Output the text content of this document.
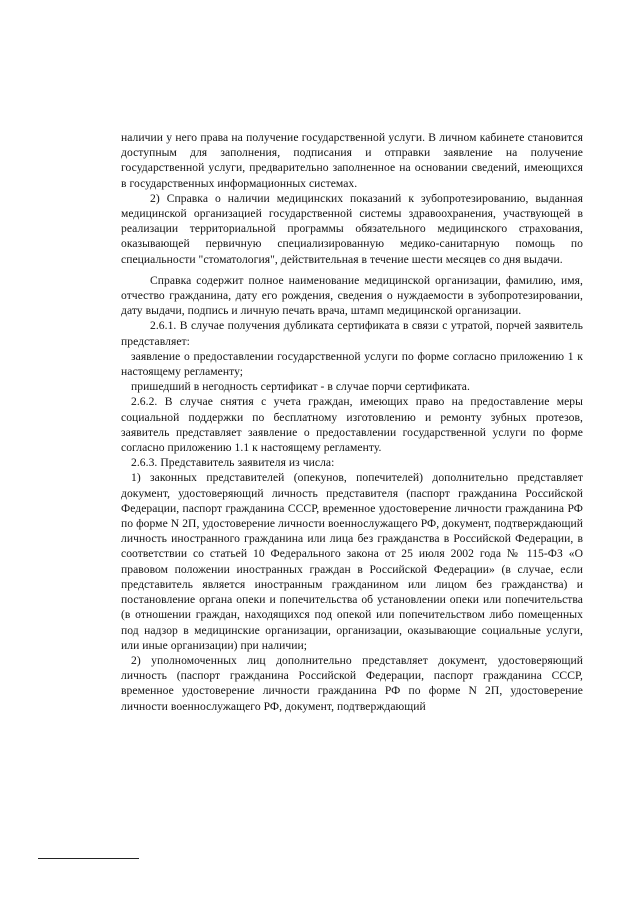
наличии у него права на получение государственной услуги. В личном кабинете становится доступным для заполнения, подписания и отправки заявление на получение государственной услуги, предварительно заполненное на основании сведений, имеющихся в государственных информационных системах.

2) Справка о наличии медицинских показаний к зубопротезированию, выданная медицинской организацией государственной системы здравоохранения, участвующей в реализации территориальной программы обязательного медицинского страхования, оказывающей первичную специализированную медико-санитарную помощь по специальности "стоматология", действительная в течение шести месяцев со дня выдачи.

Справка содержит полное наименование медицинской организации, фамилию, имя, отчество гражданина, дату его рождения, сведения о нуждаемости в зубопротезировании, дату выдачи, подпись и личную печать врача, штамп медицинской организации.

2.6.1. В случае получения дубликата сертификата в связи с утратой, порчей заявитель представляет:

заявление о предоставлении государственной услуги по форме согласно приложению 1 к настоящему регламенту;

пришедший в негодность сертификат - в случае порчи сертификата.

2.6.2. В случае снятия с учета граждан, имеющих право на предоставление меры социальной поддержки по бесплатному изготовлению и ремонту зубных протезов, заявитель представляет заявление о предоставлении государственной услуги по форме согласно приложению 1.1 к настоящему регламенту.

2.6.3. Представитель заявителя из числа:

1) законных представителей (опекунов, попечителей) дополнительно представляет документ, удостоверяющий личность представителя (паспорт гражданина Российской Федерации, паспорт гражданина СССР, временное удостоверение личности гражданина РФ по форме N 2П, удостоверение личности военнослужащего РФ, документ, подтверждающий личность иностранного гражданина или лица без гражданства в Российской Федерации, в соответствии со статьей 10 Федерального закона от 25 июля 2002 года № 115-ФЗ «О правовом положении иностранных граждан в Российской Федерации» (в случае, если представитель является иностранным гражданином или лицом без гражданства) и постановление органа опеки и попечительства об установлении опеки или попечительства (в отношении граждан, находящихся под опекой или попечительством либо помещенных под надзор в медицинские организации, организации, оказывающие социальные услуги, или иные организации) при наличии;

2) уполномоченных лиц дополнительно представляет документ, удостоверяющий личность (паспорт гражданина Российской Федерации, паспорт гражданина СССР, временное удостоверение личности гражданина РФ по форме N 2П, удостоверение личности военнослужащего РФ, документ, подтверждающий
